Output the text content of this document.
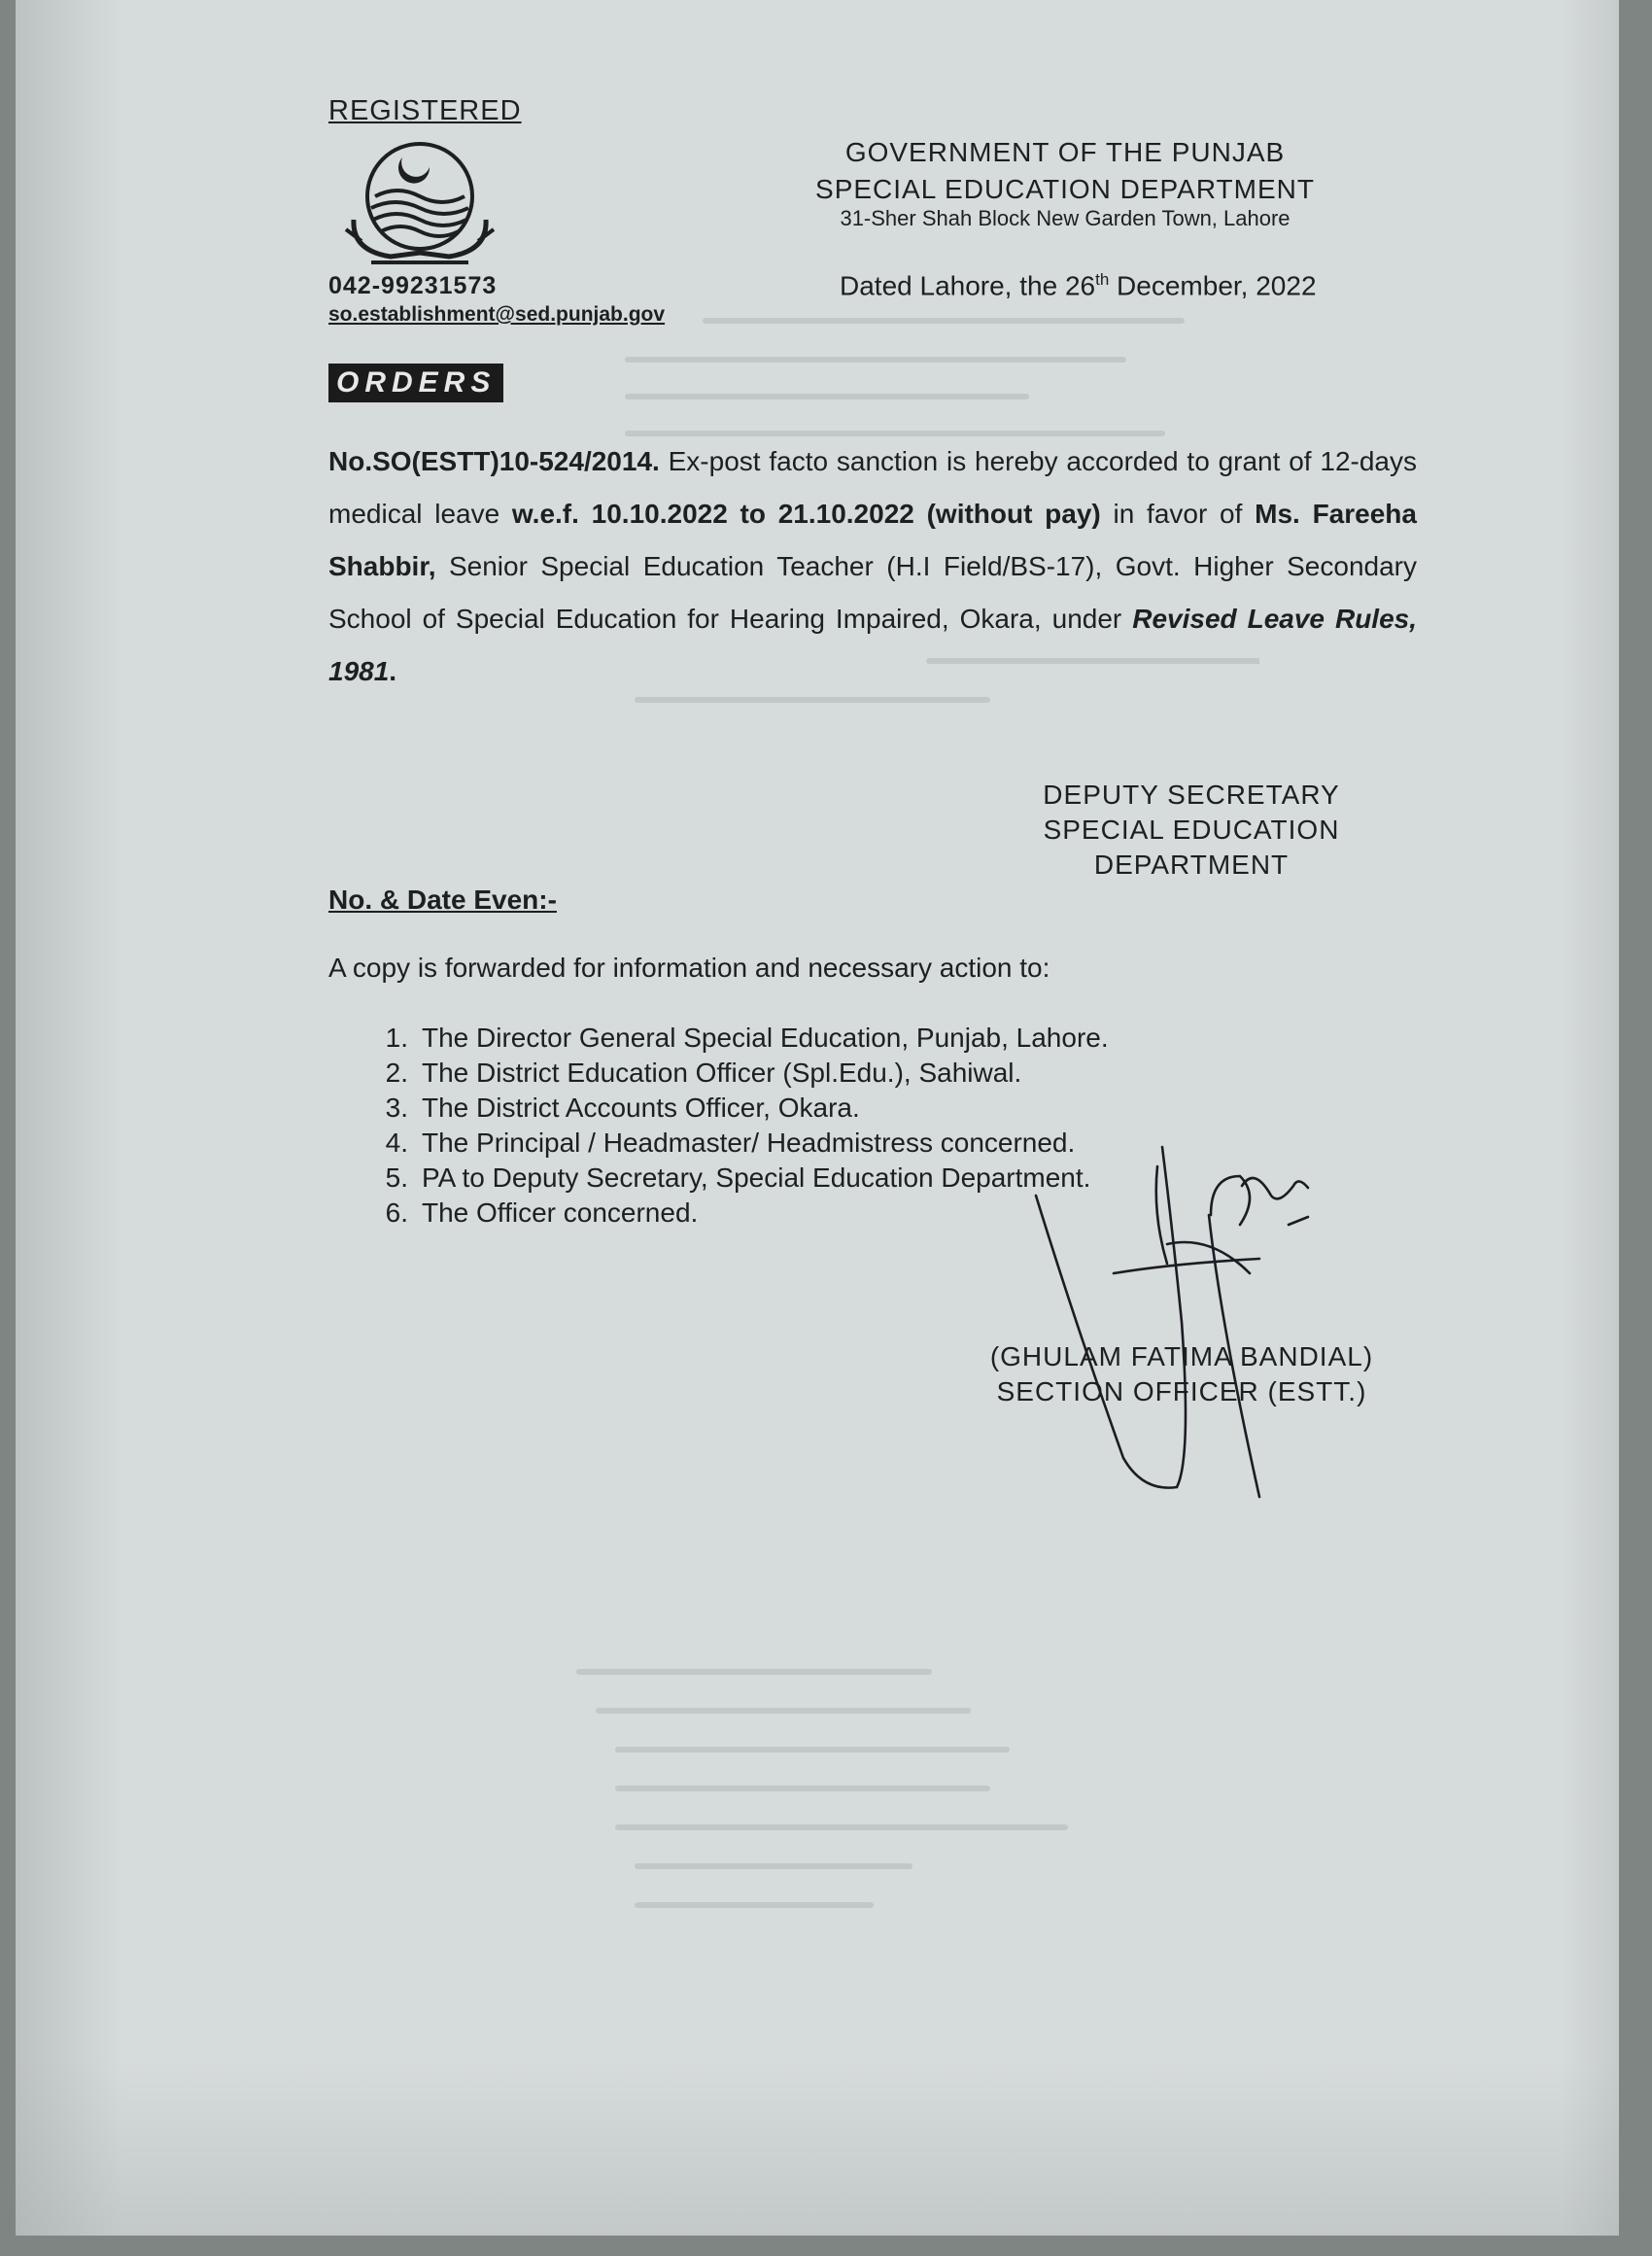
REGISTERED
GOVERNMENT OF THE PUNJAB
SPECIAL EDUCATION DEPARTMENT
31-Sher Shah Block New Garden Town, Lahore
042-99231573
so.establishment@sed.punjab.gov
Dated Lahore, the 26th December, 2022
ORDERS
No.SO(ESTT)10-524/2014. Ex-post facto sanction is hereby accorded to grant of 12-days medical leave w.e.f. 10.10.2022 to 21.10.2022 (without pay) in favor of Ms. Fareeha Shabbir, Senior Special Education Teacher (H.I Field/BS-17), Govt. Higher Secondary School of Special Education for Hearing Impaired, Okara, under Revised Leave Rules, 1981.
DEPUTY SECRETARY
SPECIAL EDUCATION
DEPARTMENT
No. & Date Even:-
A copy is forwarded for information and necessary action to:
1. The Director General Special Education, Punjab, Lahore.
2. The District Education Officer (Spl.Edu.), Sahiwal.
3. The District Accounts Officer, Okara.
4. The Principal / Headmaster/ Headmistress concerned.
5. PA to Deputy Secretary, Special Education Department.
6. The Officer concerned.
(GHULAM FATIMA BANDIAL)
SECTION OFFICER (ESTT.)
